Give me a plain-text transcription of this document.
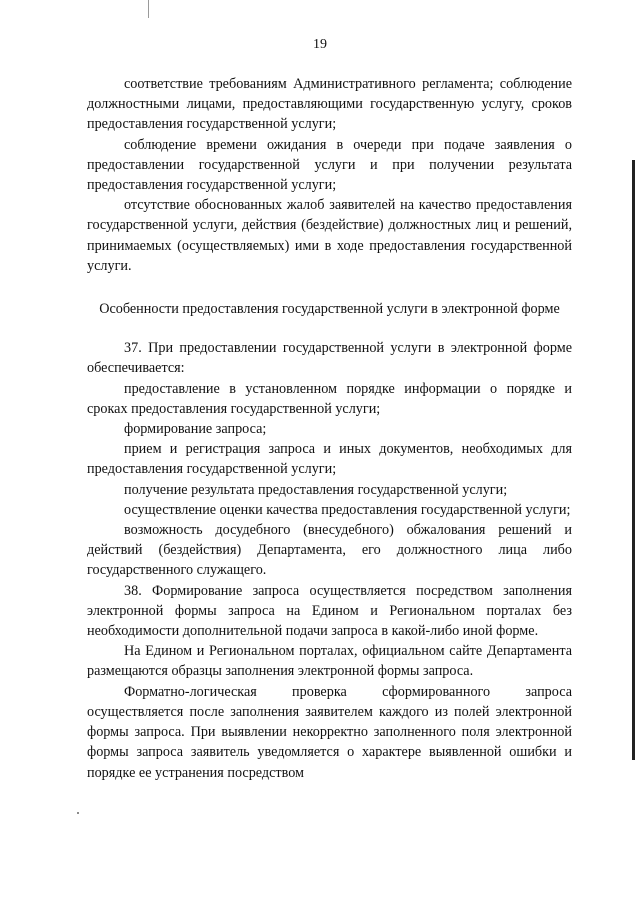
19

соответствие требованиям Административного регламента; соблюдение должностными лицами, предоставляющими государственную услугу, сроков предоставления государственной услуги;

соблюдение времени ожидания в очереди при подаче заявления о предоставлении государственной услуги и при получении результата предоставления государственной услуги;

отсутствие обоснованных жалоб заявителей на качество предоставления государственной услуги, действия (бездействие) должностных лиц и решений, принимаемых (осуществляемых) ими в ходе предоставления государственной услуги.

Особенности предоставления государственной услуги в электронной форме

37. При предоставлении государственной услуги в электронной форме обеспечивается:

предоставление в установленном порядке информации о порядке и сроках предоставления государственной услуги;

формирование запроса;

прием и регистрация запроса и иных документов, необходимых для предоставления государственной услуги;

получение результата предоставления государственной услуги;

осуществление оценки качества предоставления государственной услуги;

возможность досудебного (внесудебного) обжалования решений и действий (бездействия) Департамента, его должностного лица либо государственного служащего.

38. Формирование запроса осуществляется посредством заполнения электронной формы запроса на Едином и Региональном порталах без необходимости дополнительной подачи запроса в какой-либо иной форме.

На Едином и Региональном порталах, официальном сайте Департамента размещаются образцы заполнения электронной формы запроса.

Форматно-логическая проверка сформированного запроса осуществляется после заполнения заявителем каждого из полей электронной формы запроса. При выявлении некорректно заполненного поля электронной формы запроса заявитель уведомляется о характере выявленной ошибки и порядке ее устранения посредством
